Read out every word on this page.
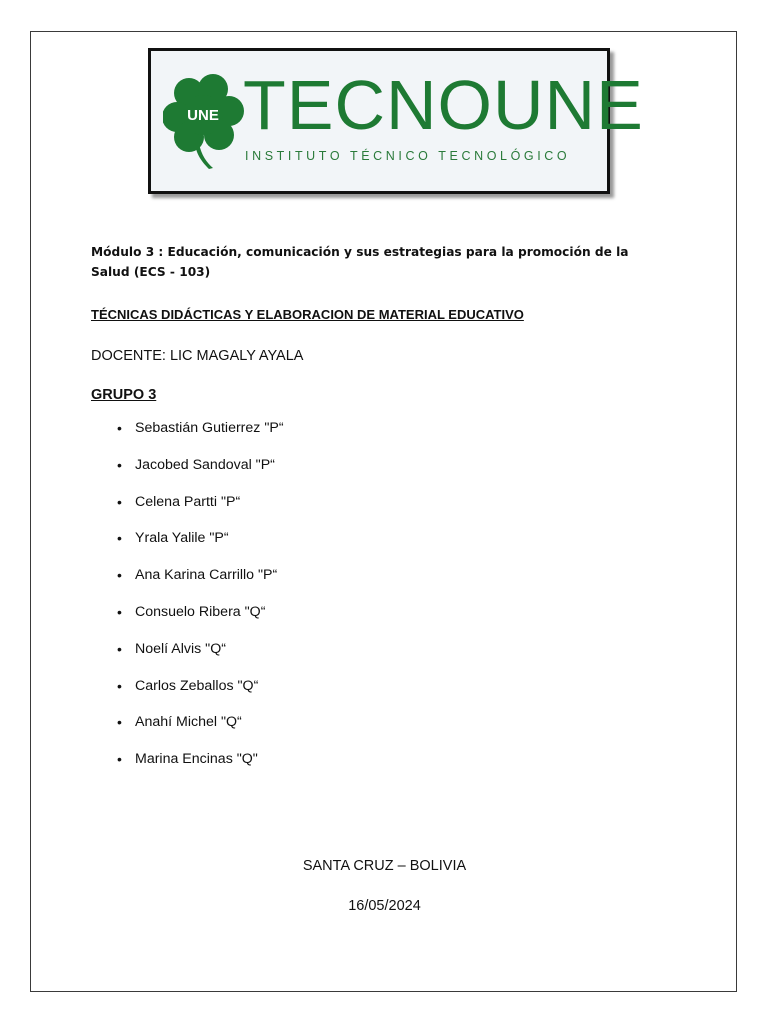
UNE TECNOUNE
INSTITUTO TÉCNICO TECNOLÓGICO

Módulo 3 : Educación, comunicación y sus estrategias para la promoción de la

Salud (ECS - 103)

TÉCNICAS DIDÁCTICAS Y ELABORACION DE MATERIAL EDUCATIVO
DOCENTE: LIC MAGALY AYALA
GRUPO 3
• Sebastián Gutierrez "P“
• Jacobed Sandoval "P“
• Celena Partti "P“
• Yrala Yalile "P“
• Ana Karina Carrillo "P“
• Consuelo Ribera "Q“
• Noelí Alvis "Q“
• Carlos Zeballos "Q“
• Anahí Michel "Q“
• Marina Encinas "Q"
SANTA CRUZ – BOLIVIA
16/05/2024
